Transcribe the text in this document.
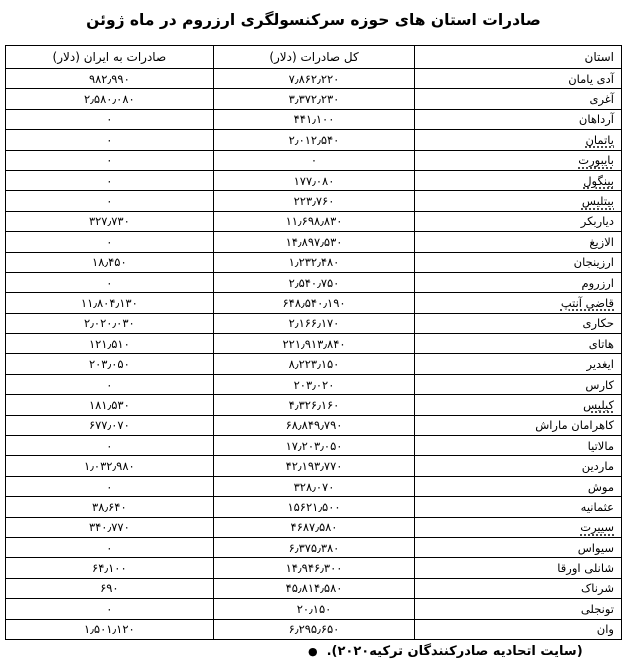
صادرات استان های حوزه سرکنسولگری ارزروم در ماه ژوئن
استان	کل صادرات (دلار)	صادرات به ایران (دلار)
آدی یامان	۷٫۸۶۲٫۲۲۰	۹۸۲٫۹۹۰
آغری	۳٫۳۷۲٫۲۳۰	۲٫۵۸۰٫۰۸۰
آرداهان	۴۴۱٫۱۰۰	۰
یاتمان	۲٫۰۱۲٫۵۴۰	۰
بایبورت	۰	۰
بینگول	۱۷۷٫۰۸۰	۰
بیتلیس	۲۲۳٫۷۶۰	۰
دیاربکر	۱۱٫۶۹۸٫۸۳۰	۳۲۷٫۷۳۰
الازیغ	۱۴٫۸۹۷٫۵۳۰	۰
ارزینجان	۱٫۲۳۲٫۴۸۰	۱۸٫۴۵۰
ارزروم	۲٫۵۴۰٫۷۵۰	۰
قاضی آنتپ	۶۴۸٫۵۴۰٫۱۹۰	۱۱٫۸۰۴٫۱۳۰
حکاری	۲٫۱۶۶٫۱۷۰	۲٫۰۲۰٫۰۳۰
هاتای	۲۲۱٫۹۱۳٫۸۴۰	۱۲۱٫۵۱۰
ایغدیر	۸٫۲۲۳٫۱۵۰	۲۰۳٫۰۵۰
کارس	۲۰۳٫۰۲۰	۰
کیلیس	۴٫۳۲۶٫۱۶۰	۱۸۱٫۵۳۰
کاهرامان ماراش	۶۸٫۸۴۹٫۷۹۰	۶۷۷٫۰۷۰
مالاتیا	۱۷٫۲۰۳٫۰۵۰	۰
ماردین	۴۲٫۱۹۳٫۷۷۰	۱٫۰۳۲٫۹۸۰
موش	۳۲۸٫۰۷۰	۰
عثمانیه	۱۵۶۲۱٫۵۰۰	۳۸٫۶۴۰
سییرت	۴۶۸۷٫۵۸۰	۳۴۰٫۷۷۰
سیواس	۶٫۳۷۵٫۳۸۰	۰
شانلی اورقا	۱۴٫۹۴۶٫۳۰۰	۶۴٫۱۰۰
شرناک	۴۵٫۸۱۴٫۵۸۰	۶۹۰
تونجلی	۲۰٫۱۵۰	۰
وان	۶٫۲۹۵٫۶۵۰	۱٫۵۰۱٫۱۲۰
● (سایت اتحادیه صادرکنندگان ترکیه۲۰۲۰).
